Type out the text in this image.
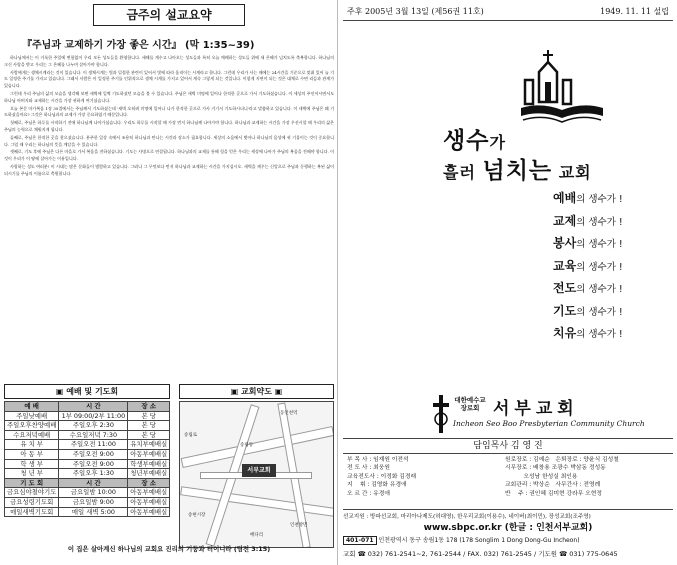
금주의 설교요약
『주님과 교제하기 가장 좋은 시간』 (막 1:35~39)

하나님께서는 이 거룩한 주일에 변함없이 우리 모든 성도들을 환영합니다. 새해를 계수고 나아오는 성도들과 특히 오늘 예배하는 성도들 위에 새 은혜가 넘치도록 축복합니다. 하나님의 크신 사랑을 받고 우리는 그 은혜를 나누며 살아가야 합니다.

사람에게는 생체시계라는 것이 있습니다. 이 생체시계는 빛과 밀접한 관련이 있어서 빛에 따라 움직이는 시계라고 합니다. 그런데 우리가 사는 때에는 24시간을 기준으로 맞춰 있어 늘 기도 일정한 주기를 가지고 있습니다. 그래서 사람은 이 일정한 주기를 인위적으로 생체 시계를 가지고 있어서 계속 그렇게 되는 것입니다. 이렇게 지연이 되는 것은 대체로 수면 리듬과 관계가 있습니다.

그런데 우리 주님의 삶의 모습을 생각해 보면 새벽에 일찍 기도하셨던 모습을 볼 수 있습니다. 주님은 새벽 미명에 일어나 한적한 곳으로 가서 기도하셨습니다. 이 세상의 주인이시면서도 하나님 아버지와 교제하는 시간을 가장 귀하게 여기셨습니다.

오늘 본문 마가복음 1장 35절에서는 주님께서 기도하셨는데 '새벽 오히려 미명에 일어나 나가 한적한 곳으로 가사 거기서 기도하시더니'라고 말씀하고 있습니다. 이 새벽에 주님은 왜 기도하셨을까요? 그것은 하나님과의 교제가 가장 중요하였기 때문입니다.

첫째로, 주님은 하루를 시작하기 전에 하나님께 나아가셨습니다. 우리도 하루를 시작할 때 가장 먼저 하나님께 나아가야 합니다. 하나님과 교제하는 시간을 가장 우선시할 때 우리의 삶은 주님의 능력으로 채워지게 됩니다.

둘째로, 주님은 한적한 곳을 찾으셨습니다. 분주한 일상 속에서 조용히 하나님과 만나는 시간과 장소가 필요합니다. 세상의 소음에서 벗어나 하나님의 음성에 귀 기울이는 것이 중요합니다. 그럴 때 우리는 하나님의 뜻을 깨달을 수 있습니다.

셋째로, 기도 후에 주님은 다른 마을로 가서 복음을 전하셨습니다. 기도는 사명으로 연결됩니다. 하나님과의 교제를 통해 힘을 얻은 우리는 세상에 나아가 주님의 복음을 전해야 합니다. 이것이 우리가 이 땅에 살아가는 이유입니다.

사랑하는 성도 여러분! 이 시대는 많은 문화들이 범람하고 있습니다. 그러나 그 무엇보다 먼저 하나님과 교제하는 시간을 가지십시오. 새벽을 깨우는 신앙으로 주님과 동행하는 복된 삶이 되시기를 주님의 이름으로 축원합니다.

▣ 예배 및 기도회
예 배	시 간	장 소
주일낮예배	1부 09:00/2부 11:00	본 당
주일오후찬양예배	주일오후 2:30	본 당
수요저녁예배	수요일저녁 7:30	본 당
유 치 부	주일오전 11:00	유치부예배실
아 동 부	주일오전 9:00	아동부예배실
학 생 부	주일오전 9:00	학생부예배실
청 년 부	주일오후 1:30	청년부예배실
기 도 회	시 간	장 소
금요심야철야기도	금요일밤 10:00	아동부예배실
금요성령기도회	금요일밤 9:00	아동부예배실
매일새벽기도회	매일 새벽 5:00	아동부예배실
▣ 교회약도 ▣
송림로
동인천역
송현시장
인천방면
송림동
배다리
서부교회
이 집은 살아계신 하나님의 교회요 진리의 기둥과 터이니라 (딤전 3:15)
주후 2005년 3월 13일 (제56권 11호)	1949. 11. 11 설립
생수가
흘러 넘치는 교회
예배의 생수가 !
교제의 생수가 !
봉사의 생수가 !
교육의 생수가 !
전도의 생수가 !
기도의 생수가 !
치유의 생수가 !
대한예수교 장로회 서부교회
Incheon Seo Boo Presbyterian Community Church
담임목사 김 영 진
부 목 사 : 임재원 이전석
전 도 사 : 최웅원
교육전도사 : 이정화 김경래
지    휘 : 김영화 유경애
오 르 간 : 유경애
원로장로 : 김예순   은퇴장로 : 양윤식 김성철
시무장로 : 배창용 조광수 박삼동 정성동
오성남 한성실 최인용
교회관리 : 박상순   사무간사 : 전영례
반    주 : 권인혜 김미현 강라무 오현정
선교지원 : 방파선교회, 마리아나제도(허대영), 한우리교회(이용수), 네이버(최이민), 장성교회(조주영)
www.sbpc.or.kr (한글 : 인천서부교회)
401-071 인천광역시 동구 송림1동 178 (178 Songlim 1 Dong Dong-Gu Incheon)
교회 ☎ 032) 761-2541~2, 761-2544 / FAX. 032) 761-2545 / 기도원 ☎ 031) 775-0645
